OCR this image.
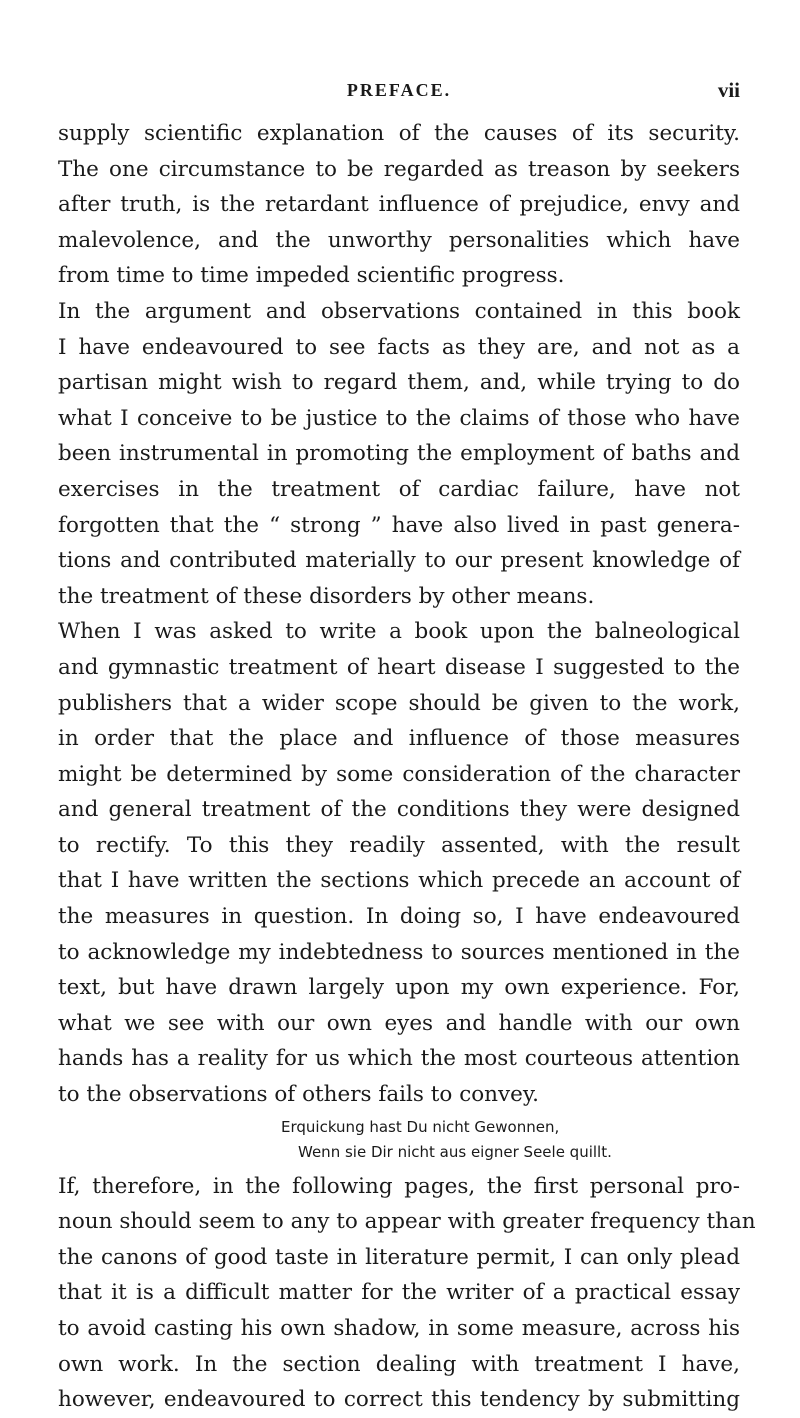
PREFACE.	vii
supply scientific explanation of the causes of its security.
The one circumstance to be regarded as treason by seekers
after truth, is the retardant influence of prejudice, envy and
malevolence, and the unworthy personalities which have
from time to time impeded scientific progress.
In the argument and observations contained in this book
I have endeavoured to see facts as they are, and not as a
partisan might wish to regard them, and, while trying to do
what I conceive to be justice to the claims of those who have
been instrumental in promoting the employment of baths and
exercises in the treatment of cardiac failure, have not
forgotten that the “ strong ” have also lived in past genera-
tions and contributed materially to our present knowledge of
the treatment of these disorders by other means.
When I was asked to write a book upon the balneological
and gymnastic treatment of heart disease I suggested to the
publishers that a wider scope should be given to the work,
in order that the place and influence of those measures
might be determined by some consideration of the character
and general treatment of the conditions they were designed
to rectify. To this they readily assented, with the result
that I have written the sections which precede an account of
the measures in question. In doing so, I have endeavoured
to acknowledge my indebtedness to sources mentioned in the
text, but have drawn largely upon my own experience. For,
what we see with our own eyes and handle with our own
hands has a reality for us which the most courteous attention
to the observations of others fails to convey.
Erquickung hast Du nicht Gewonnen,
Wenn sie Dir nicht aus eigner Seele quillt.
If, therefore, in the following pages, the first personal pro-
noun should seem to any to appear with greater frequency than
the canons of good taste in literature permit, I can only plead
that it is a difficult matter for the writer of a practical essay
to avoid casting his own shadow, in some measure, across his
own work. In the section dealing with treatment I have,
however, endeavoured to correct this tendency by submitting
